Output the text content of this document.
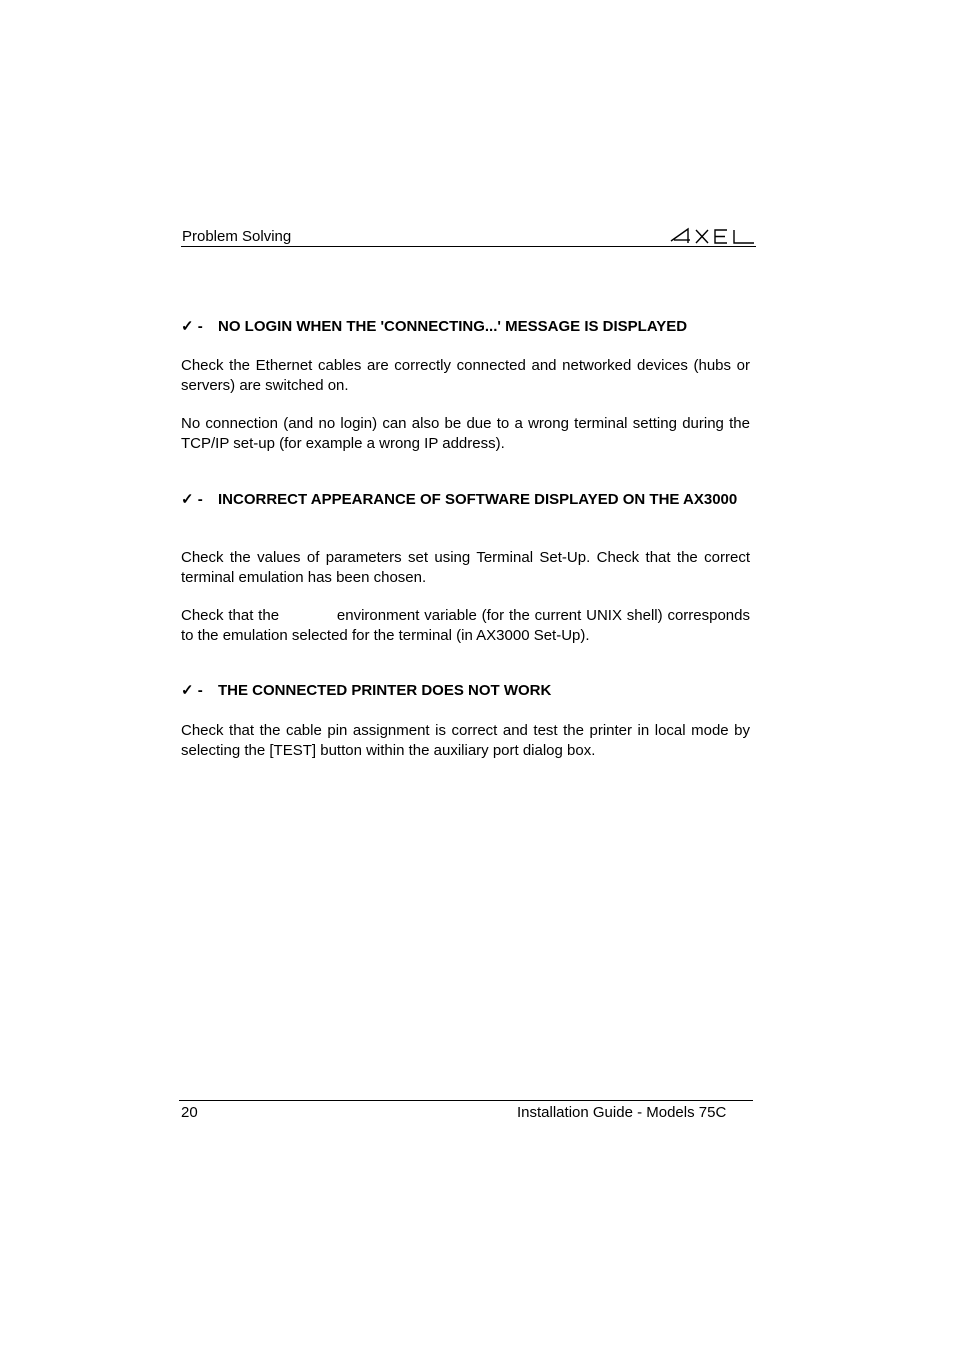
Problem Solving
✓ - NO LOGIN WHEN THE 'CONNECTING...' MESSAGE IS DISPLAYED

Check the Ethernet cables are correctly connected and networked devices (hubs or servers) are switched on.

No connection (and no login) can also be due to a wrong terminal setting during the TCP/IP set-up (for example a wrong IP address).

✓ - INCORRECT APPEARANCE OF SOFTWARE DISPLAYED ON THE AX3000

Check the values of parameters set using Terminal Set-Up. Check that the correct terminal emulation has been chosen.

Check that the            environment variable (for the current UNIX shell) corresponds to the emulation selected for the terminal (in AX3000 Set-Up).

✓ - THE CONNECTED PRINTER DOES NOT WORK

Check that the cable pin assignment is correct and test the printer in local mode by selecting the [TEST] button within the auxiliary port dialog box.

20	Installation Guide - Models 75C
